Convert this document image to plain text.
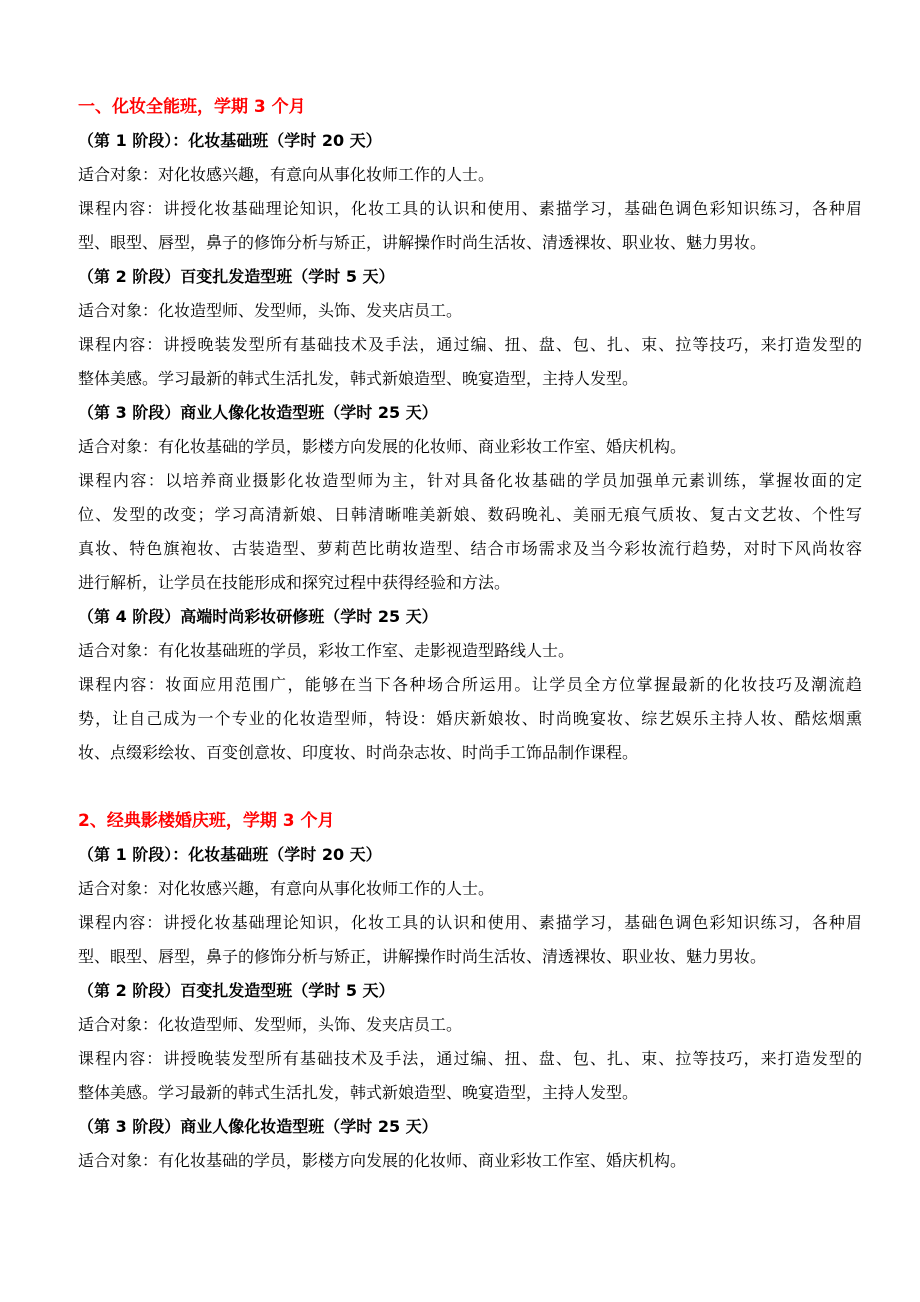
一、化妆全能班，学期 3 个月
（第 1 阶段）：化妆基础班（学时 20 天）
适合对象：对化妆感兴趣，有意向从事化妆师工作的人士。
课程内容：讲授化妆基础理论知识，化妆工具的认识和使用、素描学习，基础色调色彩知识练习，各种眉
型、眼型、唇型，鼻子的修饰分析与矫正，讲解操作时尚生活妆、清透裸妆、职业妆、魅力男妆。
（第 2 阶段）百变扎发造型班（学时 5 天）
适合对象：化妆造型师、发型师，头饰、发夹店员工。
课程内容：讲授晚装发型所有基础技术及手法，通过编、扭、盘、包、扎、束、拉等技巧，来打造发型的
整体美感。学习最新的韩式生活扎发，韩式新娘造型、晚宴造型，主持人发型。
（第 3 阶段）商业人像化妆造型班（学时 25 天）
适合对象：有化妆基础的学员，影楼方向发展的化妆师、商业彩妆工作室、婚庆机构。
课程内容：以培养商业摄影化妆造型师为主，针对具备化妆基础的学员加强单元素训练，掌握妆面的定
位、发型的改变；学习高清新娘、日韩清晰唯美新娘、数码晚礼、美丽无痕气质妆、复古文艺妆、个性写
真妆、特色旗袍妆、古装造型、萝莉芭比萌妆造型、结合市场需求及当今彩妆流行趋势，对时下风尚妆容
进行解析，让学员在技能形成和探究过程中获得经验和方法。
（第 4 阶段）高端时尚彩妆研修班（学时 25 天）
适合对象：有化妆基础班的学员，彩妆工作室、走影视造型路线人士。
课程内容：妆面应用范围广，能够在当下各种场合所运用。让学员全方位掌握最新的化妆技巧及潮流趋
势，让自己成为一个专业的化妆造型师，特设：婚庆新娘妆、时尚晚宴妆、综艺娱乐主持人妆、酷炫烟熏
妆、点缀彩绘妆、百变创意妆、印度妆、时尚杂志妆、时尚手工饰品制作课程。
2、经典影楼婚庆班，学期 3 个月
（第 1 阶段）：化妆基础班（学时 20 天）
适合对象：对化妆感兴趣，有意向从事化妆师工作的人士。
课程内容：讲授化妆基础理论知识，化妆工具的认识和使用、素描学习，基础色调色彩知识练习，各种眉
型、眼型、唇型，鼻子的修饰分析与矫正，讲解操作时尚生活妆、清透裸妆、职业妆、魅力男妆。
（第 2 阶段）百变扎发造型班（学时 5 天）
适合对象：化妆造型师、发型师，头饰、发夹店员工。
课程内容：讲授晚装发型所有基础技术及手法，通过编、扭、盘、包、扎、束、拉等技巧，来打造发型的
整体美感。学习最新的韩式生活扎发，韩式新娘造型、晚宴造型，主持人发型。
（第 3 阶段）商业人像化妆造型班（学时 25 天）
适合对象：有化妆基础的学员，影楼方向发展的化妆师、商业彩妆工作室、婚庆机构。
